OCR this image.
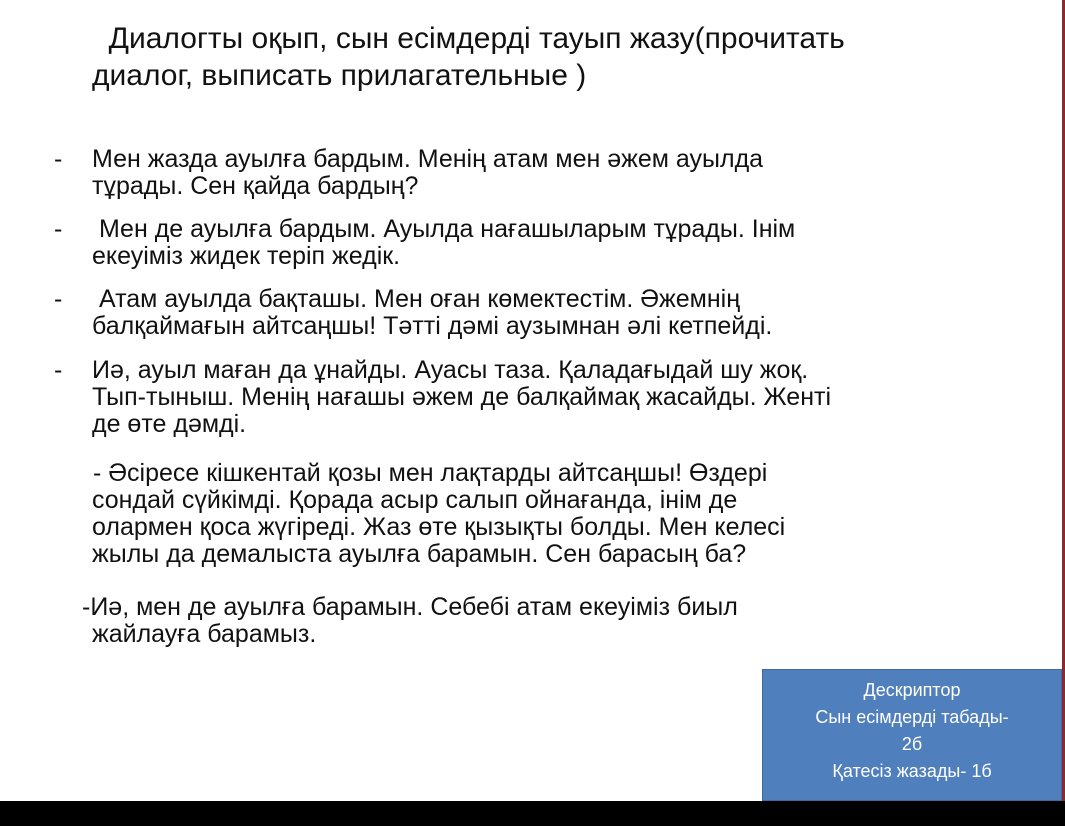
Диалогты оқып, сын есімдерді тауып жазу(прочитать
диалог, выписать прилагательные )
- Мен жазда ауылға бардым. Менің атам мен әжем ауылда
тұрады. Сен қайда бардың?
- Мен де ауылға бардым. Ауылда нағашыларым тұрады. Інім
екеуіміз жидек теріп жедік.
- Атам ауылда бақташы. Мен оған көмектестім. Әжемнің
балқаймағын айтсаңшы! Тәтті дәмі аузымнан әлі кетпейді.
- Иә, ауыл маған да ұнайды. Ауасы таза. Қаладағыдай шу жоқ.
Тып-тыныш. Менің нағашы әжем де балқаймақ жасайды. Женті
де өте дәмді.
- Әсіресе кішкентай қозы мен лақтарды айтсаңшы! Өздері
сондай сүйкімді. Қорада асыр салып ойнағанда, інім де
олармен қоса жүгіреді. Жаз өте қызықты болды. Мен келесі
жылы да демалыста ауылға барамын. Сен барасың ба?
-Иә, мен де ауылға барамын. Себебі атам екеуіміз биыл
жайлауға барамыз.
Дескриптор
Сын есімдерді табады-
2б
Қатесіз жазады- 1б
